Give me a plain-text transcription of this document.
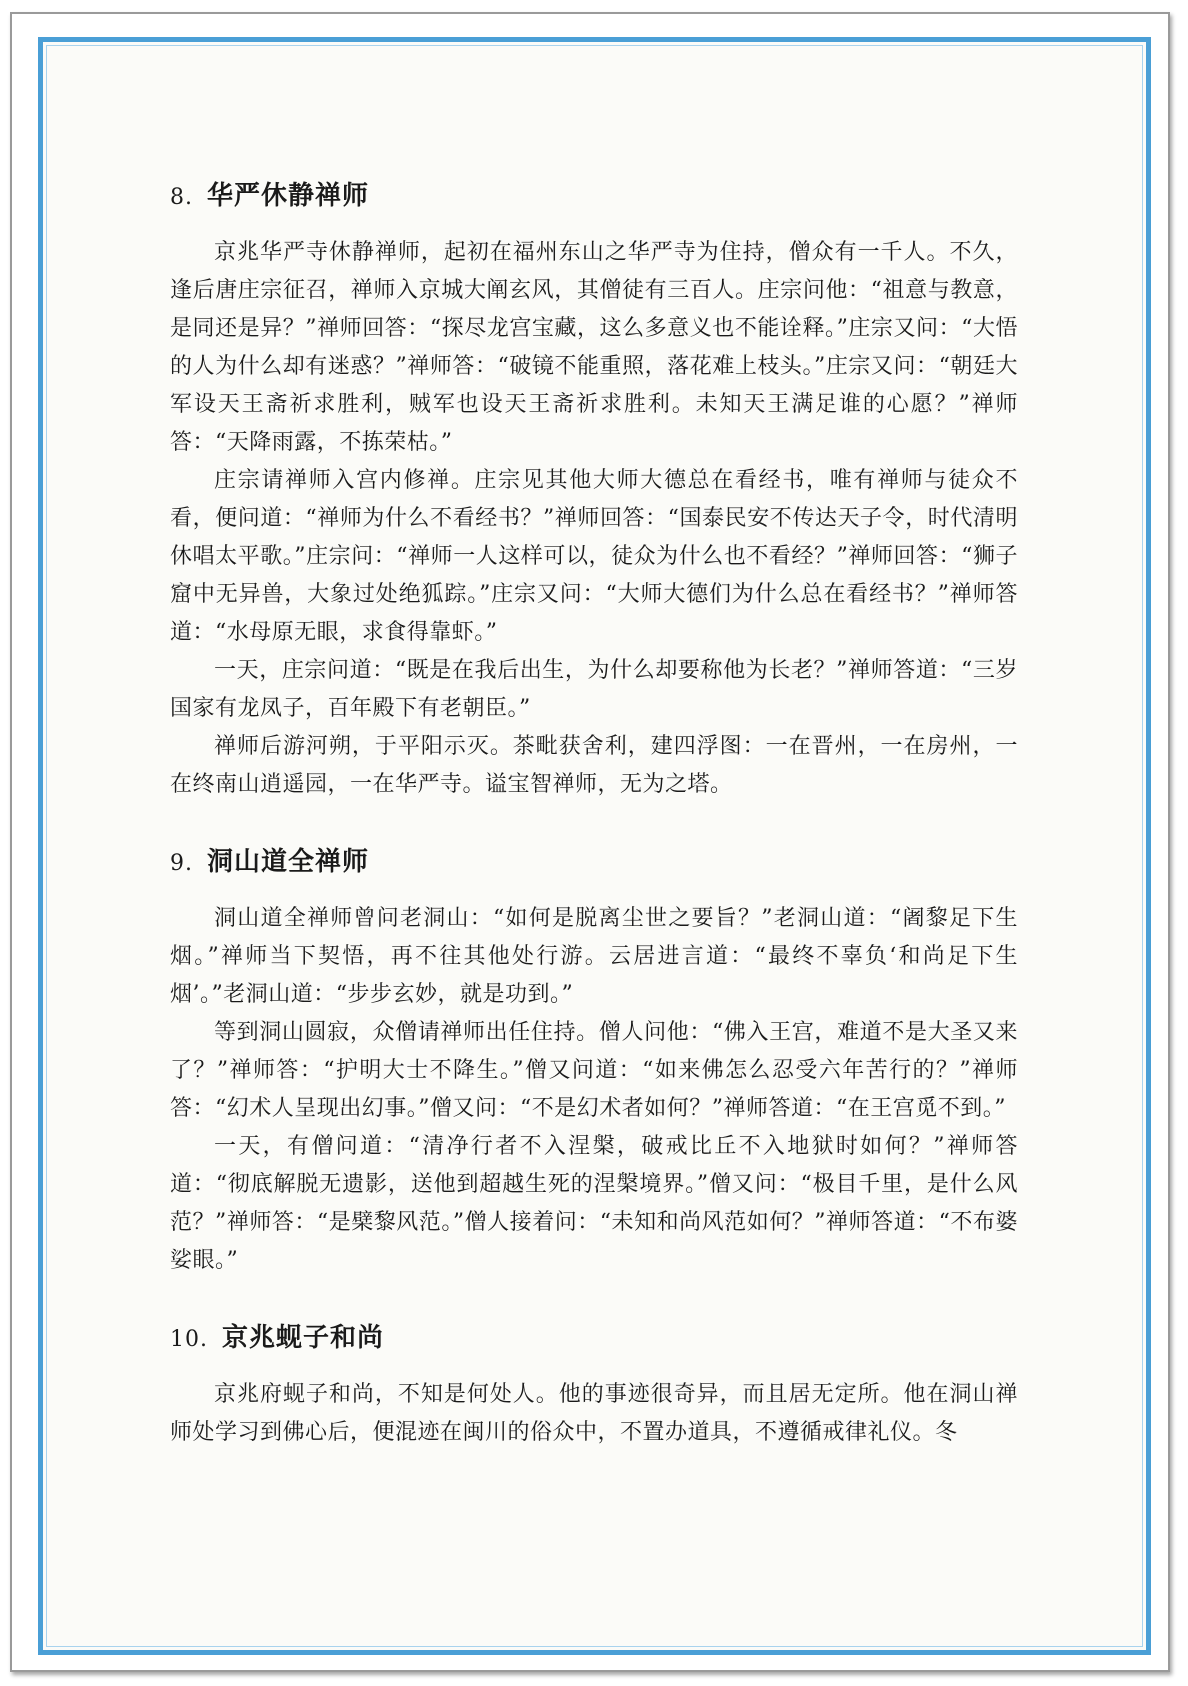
8. 华严休静禅师

京兆华严寺休静禅师，起初在福州东山之华严寺为住持，僧众有一千人。不久，逢后唐庄宗征召，禅师入京城大阐玄风，其僧徒有三百人。庄宗问他：“祖意与教意，是同还是异？”禅师回答：“探尽龙宫宝藏，这么多意义也不能诠释。”庄宗又问：“大悟的人为什么却有迷惑？”禅师答：“破镜不能重照，落花难上枝头。”庄宗又问：“朝廷大军设天王斋祈求胜利，贼军也设天王斋祈求胜利。未知天王满足谁的心愿？”禅师答：“天降雨露，不拣荣枯。”

庄宗请禅师入宫内修禅。庄宗见其他大师大德总在看经书，唯有禅师与徒众不看，便问道：“禅师为什么不看经书？”禅师回答：“国泰民安不传达天子令，时代清明休唱太平歌。”庄宗问：“禅师一人这样可以，徒众为什么也不看经？”禅师回答：“狮子窟中无异兽，大象过处绝狐踪。”庄宗又问：“大师大德们为什么总在看经书？”禅师答道：“水母原无眼，求食得靠虾。”

一天，庄宗问道：“既是在我后出生，为什么却要称他为长老？”禅师答道：“三岁国家有龙凤子，百年殿下有老朝臣。”

禅师后游河朔，于平阳示灭。茶毗获舍利，建四浮图：一在晋州，一在房州，一在终南山逍遥园，一在华严寺。谥宝智禅师，无为之塔。

9. 洞山道全禅师

洞山道全禅师曾问老洞山：“如何是脱离尘世之要旨？”老洞山道：“阇黎足下生烟。”禅师当下契悟，再不往其他处行游。云居进言道：“最终不辜负‘和尚足下生烟’。”老洞山道：“步步玄妙，就是功到。”

等到洞山圆寂，众僧请禅师出任住持。僧人问他：“佛入王宫，难道不是大圣又来了？”禅师答：“护明大士不降生。”僧又问道：“如来佛怎么忍受六年苦行的？”禅师答：“幻术人呈现出幻事。”僧又问：“不是幻术者如何？”禅师答道：“在王宫觅不到。”

一天，有僧问道：“清净行者不入涅槃，破戒比丘不入地狱时如何？”禅师答道：“彻底解脱无遗影，送他到超越生死的涅槃境界。”僧又问：“极目千里，是什么风范？”禅师答：“是檗黎风范。”僧人接着问：“未知和尚风范如何？”禅师答道：“不布婆娑眼。”

10. 京兆蚬子和尚

京兆府蚬子和尚，不知是何处人。他的事迹很奇异，而且居无定所。他在洞山禅师处学习到佛心后，便混迹在闽川的俗众中，不置办道具，不遵循戒律礼仪。冬
